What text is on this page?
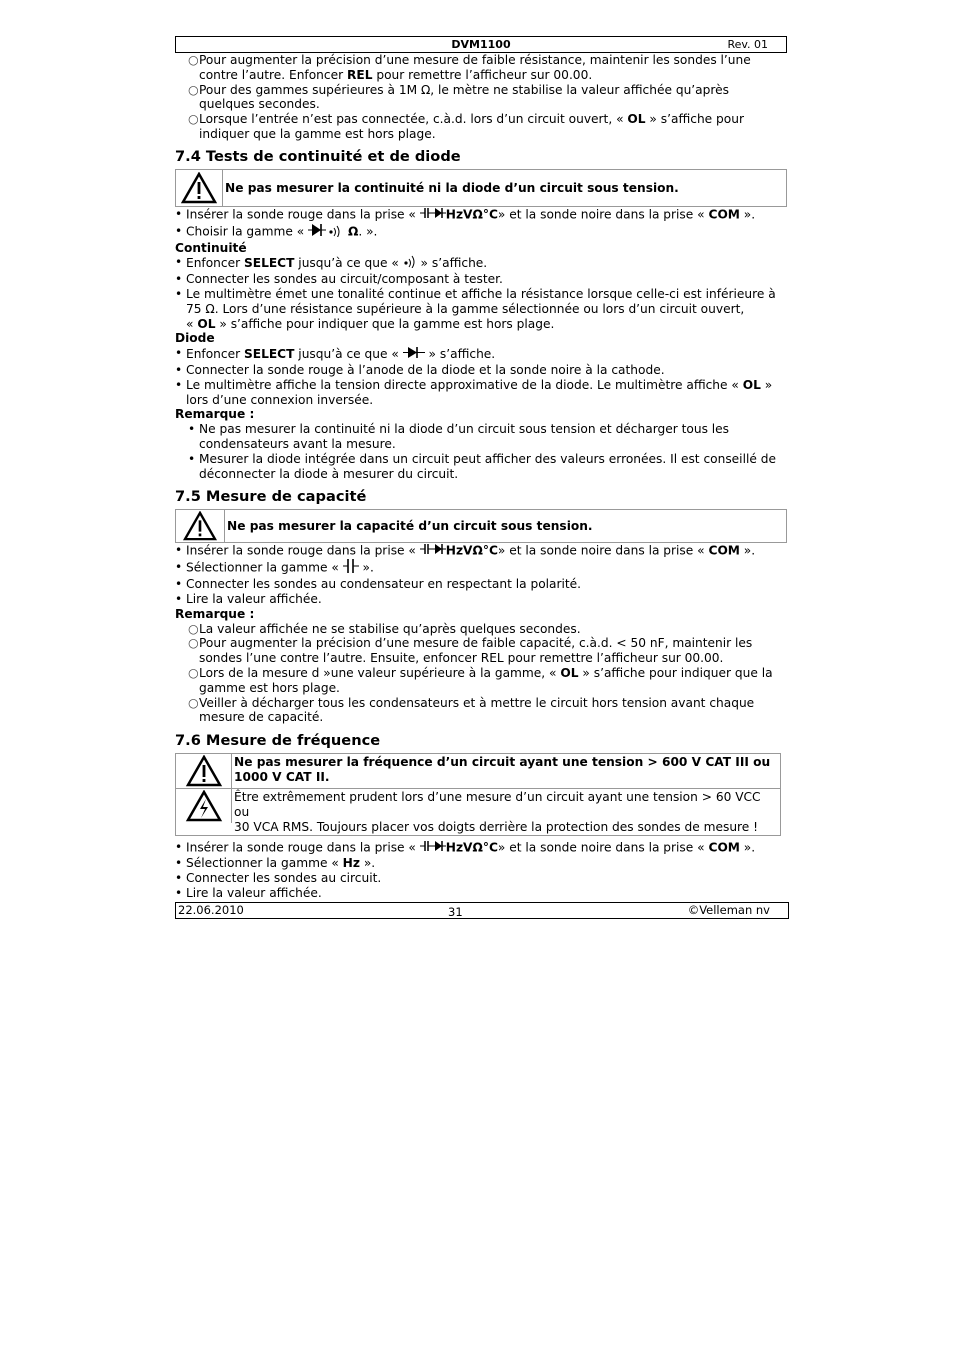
DVM1100	Rev. 01
○ Pour augmenter la précision d’une mesure de faible résistance, maintenir les sondes l’une
contre l’autre. Enfoncer REL pour remettre l’afficheur sur 00.00.
○ Pour des gammes supérieures à 1M Ω, le mètre ne stabilise la valeur affichée qu’après
quelques secondes.
○ Lorsque l’entrée n’est pas connectée, c.à.d. lors d’un circuit ouvert, « OL » s’affiche pour
indiquer que la gamme est hors plage.
7.4 Tests de continuité et de diode
Ne pas mesurer la continuité ni la diode d’un circuit sous tension.
• Insérer la sonde rouge dans la prise « HzVΩ°C» et la sonde noire dans la prise « COM ».
• Choisir la gamme «	Ω. ».
Continuité
• Enfoncer SELECT jusqu’à ce que «  » s’affiche.
• Connecter les sondes au circuit/composant à tester.
• Le multimètre émet une tonalité continue et affiche la résistance lorsque celle-ci est inférieure à
75 Ω. Lors d’une résistance supérieure à la gamme sélectionnée ou lors d’un circuit ouvert,
« OL » s’affiche pour indiquer que la gamme est hors plage.
Diode
• Enfoncer SELECT jusqu’à ce que «  » s’affiche.
• Connecter la sonde rouge à l’anode de la diode et la sonde noire à la cathode.
• Le multimètre affiche la tension directe approximative de la diode. Le multimètre affiche « OL »
lors d’une connexion inversée.
Remarque :
• Ne pas mesurer la continuité ni la diode d’un circuit sous tension et décharger tous les
condensateurs avant la mesure.
• Mesurer la diode intégrée dans un circuit peut afficher des valeurs erronées. Il est conseillé de
déconnecter la diode à mesurer du circuit.
7.5 Mesure de capacité
Ne pas mesurer la capacité d’un circuit sous tension.
• Insérer la sonde rouge dans la prise « HzVΩ°C» et la sonde noire dans la prise « COM ».
• Sélectionner la gamme «  ».
• Connecter les sondes au condensateur en respectant la polarité.
• Lire la valeur affichée.
Remarque :
○ La valeur affichée ne se stabilise qu’après quelques secondes.
○ Pour augmenter la précision d’une mesure de faible capacité, c.à.d. < 50 nF, maintenir les
sondes l’une contre l’autre. Ensuite, enfoncer REL pour remettre l’afficheur sur 00.00.
○ Lors de la mesure d »une valeur supérieure à la gamme, « OL » s’affiche pour indiquer que la
gamme est hors plage.
○ Veiller à décharger tous les condensateurs et à mettre le circuit hors tension avant chaque
mesure de capacité.
7.6 Mesure de fréquence
Ne pas mesurer la fréquence d’un circuit ayant une tension > 600 V CAT III ou
1000 V CAT II.
Être extrêmement prudent lors d’une mesure d’un circuit ayant une tension > 60 VCC ou
30 VCA RMS. Toujours placer vos doigts derrière la protection des sondes de mesure !
• Insérer la sonde rouge dans la prise « HzVΩ°C» et la sonde noire dans la prise « COM ».
• Sélectionner la gamme « Hz ».
• Connecter les sondes au circuit.
• Lire la valeur affichée.
22.06.2010	31	©Velleman nv
